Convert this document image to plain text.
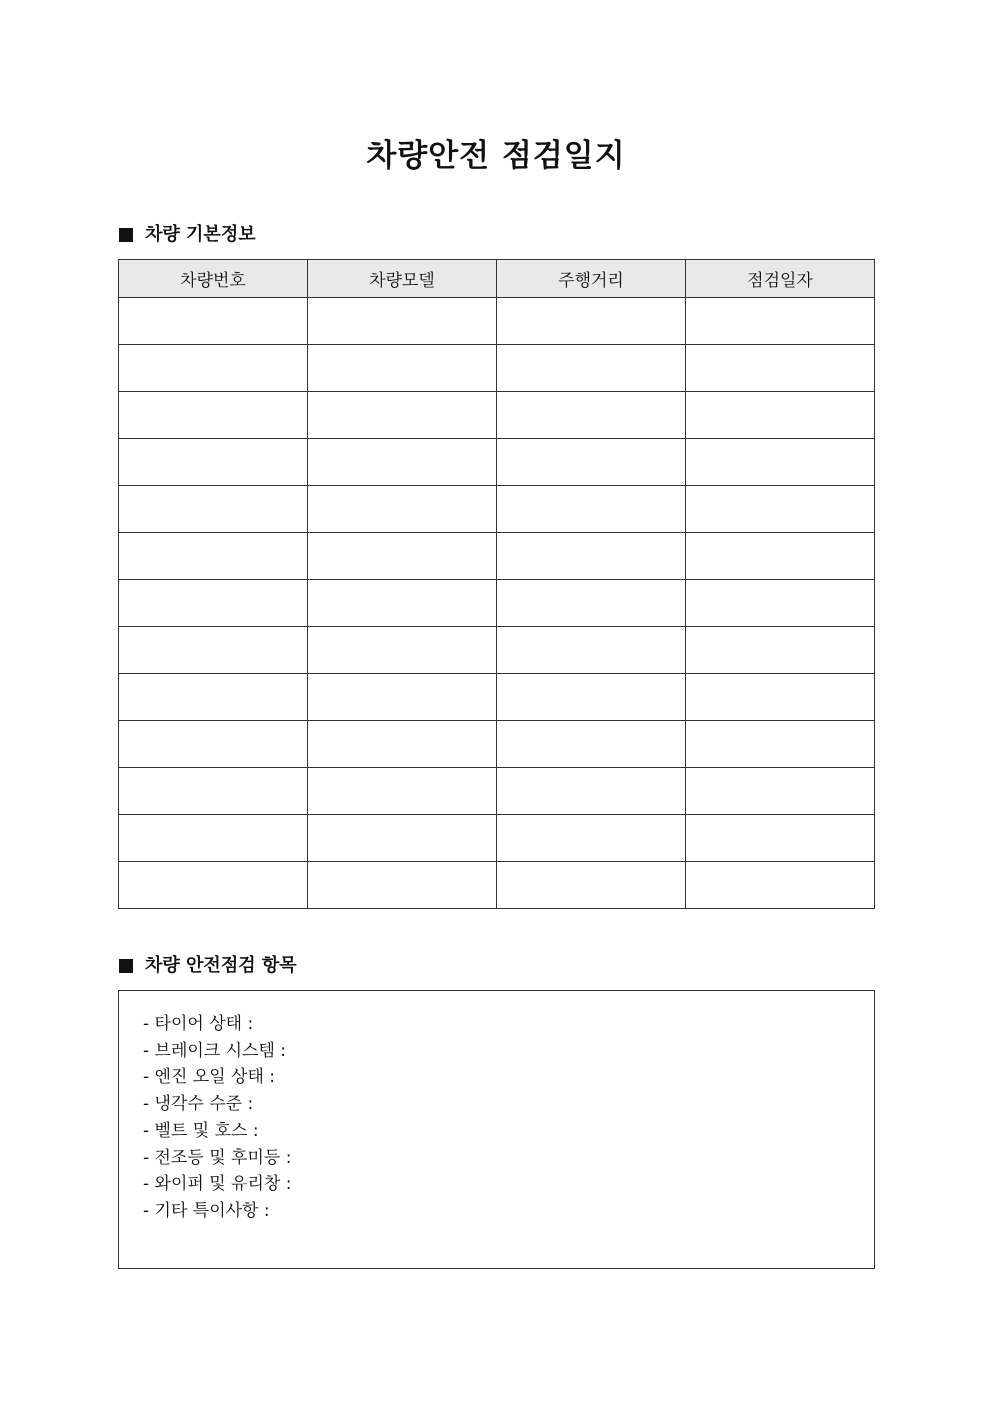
차량안전 점검일지
차량 기본정보
차량번호	차량모델	주행거리	점검일자

차량 안전점검 항목
- 타이어 상태 :
- 브레이크 시스템 :
- 엔진 오일 상태 :
- 냉각수 수준 :
- 벨트 및 호스 :
- 전조등 및 후미등 :
- 와이퍼 및 유리창 :
- 기타 특이사항 :
